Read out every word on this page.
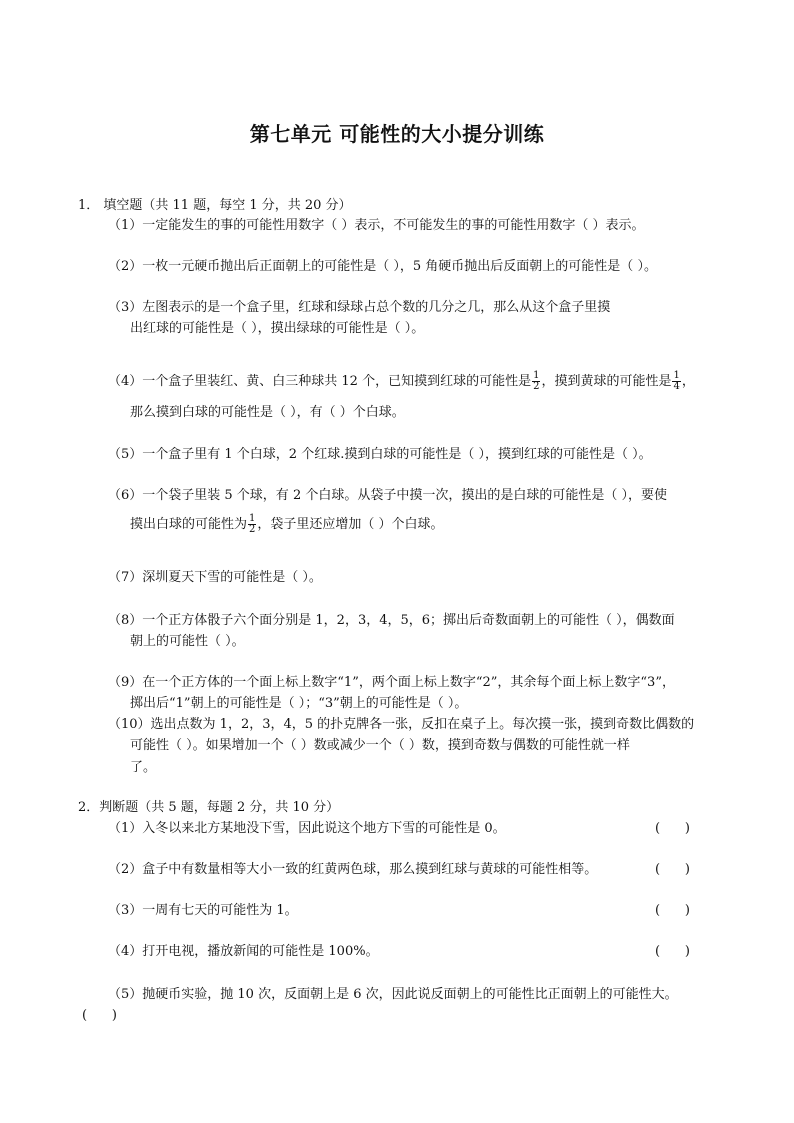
第七单元 可能性的大小提分训练
1． 填空题（共 11 题，每空 1 分，共 20 分）
（1）一定能发生的事的可能性用数字（ ）表示，不可能发生的事的可能性用数字（ ）表示。
（2）一枚一元硬币抛出后正面朝上的可能性是（ ），5 角硬币抛出后反面朝上的可能性是（ ）。
（3）左图表示的是一个盒子里，红球和绿球占总个数的几分之几，那么从这个盒子里摸
出红球的可能性是（ ），摸出绿球的可能性是（ ）。
（4）一个盒子里装红、黄、白三种球共 12 个，已知摸到红球的可能性是 $\frac{1}{2}$ ，摸到黄球的可能性是 $\frac{1}{4}$ ，
那么摸到白球的可能性是（ ），有（ ）个白球。
（5）一个盒子里有 1 个白球，2 个红球.摸到白球的可能性是（ ），摸到红球的可能性是（ ）。
（6）一个袋子里装 5 个球，有 2 个白球。从袋子中摸一次，摸出的是白球的可能性是（ ），要使
摸出白球的可能性为 $\frac{1}{2}$ ，袋子里还应增加（ ）个白球。
（7）深圳夏天下雪的可能性是（ ）。
（8）一个正方体骰子六个面分别是 1，2，3，4，5，6；掷出后奇数面朝上的可能性（ ），偶数面
朝上的可能性（ ）。
（9）在一个正方体的一个面上标上数字“1”，两个面上标上数字“2”，其余每个面上标上数字“3”，
掷出后“1”朝上的可能性是（ ）；“3”朝上的可能性是（ ）。
（10）选出点数为 1，2，3，4，5 的扑克牌各一张，反扣在桌子上。每次摸一张，摸到奇数比偶数的
可能性（ ）。如果增加一个（ ）数或减少一个（ ）数，摸到奇数与偶数的可能性就一样
了。
2．判断题（共 5 题，每题 2 分，共 10 分）
（1）入冬以来北方某地没下雪，因此说这个地方下雪的可能性是 0。	(      )
（2）盒子中有数量相等大小一致的红黄两色球，那么摸到红球与黄球的可能性相等。	(      )
（3）一周有七天的可能性为 1。	(      )
（4）打开电视，播放新闻的可能性是 100%。	(      )
（5）抛硬币实验，抛 10 次，反面朝上是 6 次，因此说反面朝上的可能性比正面朝上的可能性大。
(      )
